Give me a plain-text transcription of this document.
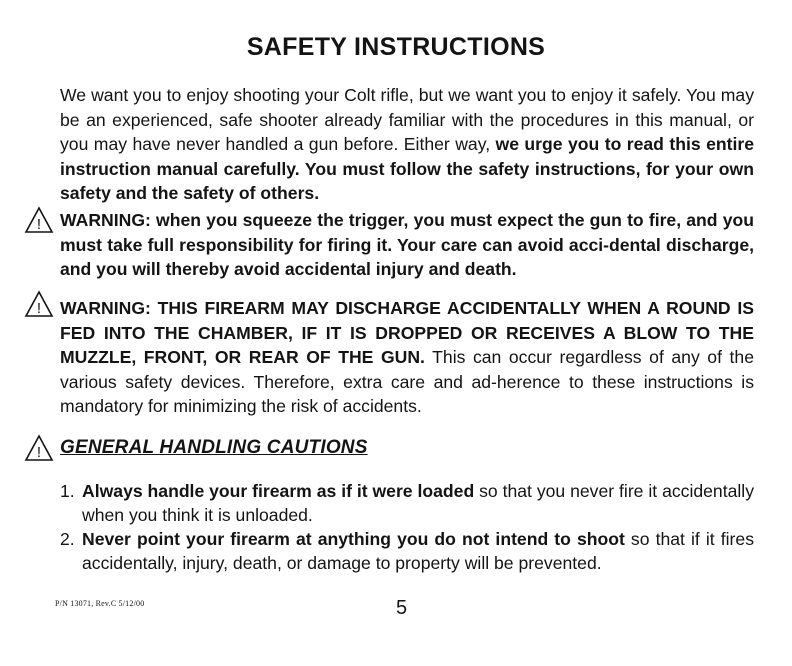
SAFETY INSTRUCTIONS

We want you to enjoy shooting your Colt rifle, but we want you to enjoy it safely. You may be an experienced, safe shooter already familiar with the procedures in this manual, or you may have never handled a gun before. Either way, we urge you to read this entire instruction manual carefully. You must follow the safety instructions, for your own safety and the safety of others.

! WARNING: when you squeeze the trigger, you must expect the gun to fire, and you must take full responsibility for firing it. Your care can avoid acci-dental discharge, and you will thereby avoid accidental injury and death.

! WARNING: THIS FIREARM MAY DISCHARGE ACCIDENTALLY WHEN A ROUND IS FED INTO THE CHAMBER, IF IT IS DROPPED OR RECEIVES A BLOW TO THE MUZZLE, FRONT, OR REAR OF THE GUN. This can occur regardless of any of the various safety devices. Therefore, extra care and ad-herence to these instructions is mandatory for minimizing the risk of accidents.

! GENERAL HANDLING CAUTIONS
1. Always handle your firearm as if it were loaded so that you never fire it accidentally when you think it is unloaded.
2. Never point your firearm at anything you do not intend to shoot so that if it fires accidentally, injury, death, or damage to property will be prevented.
P/N 13071, Rev.C 5/12/00	5
